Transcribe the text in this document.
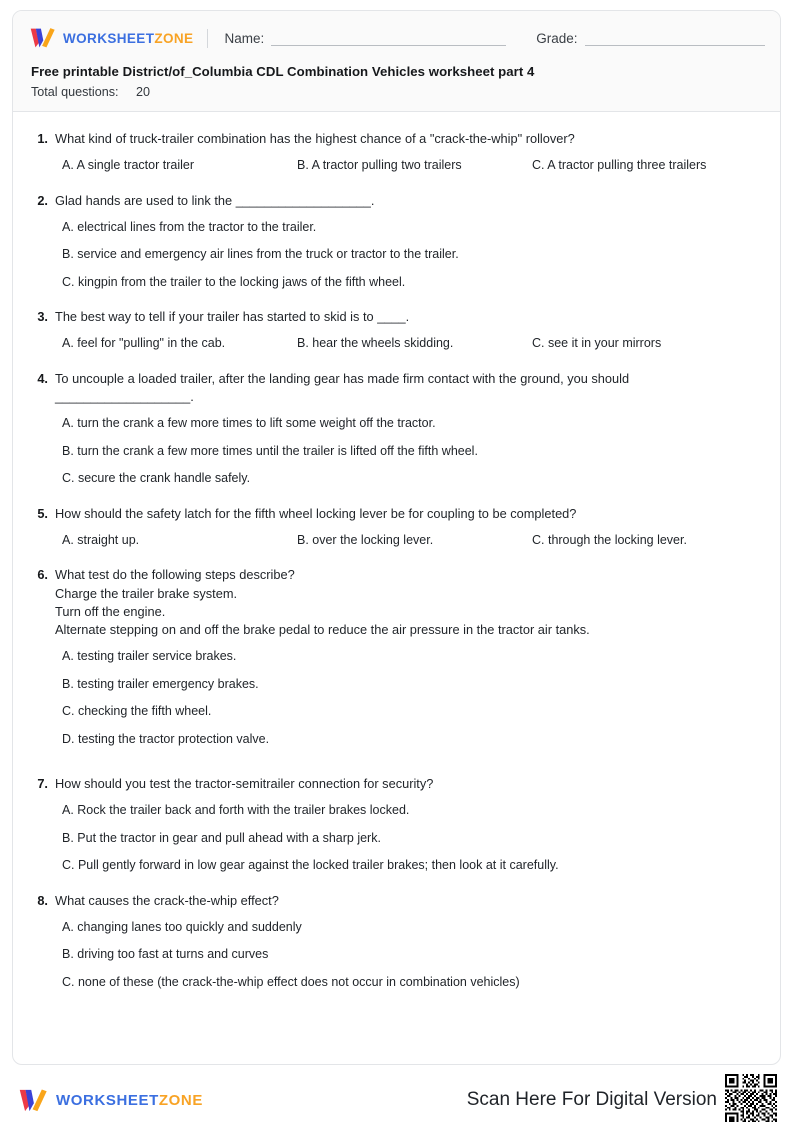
WORKSHEETZONE Name:	Grade:
Free printable District/of_Columbia CDL Combination Vehicles worksheet part 4
Total questions: 20
1. What kind of truck-trailer combination has the highest chance of a "crack-the-whip" rollover?
A. A single tractor trailer	B. A tractor pulling two trailers	C. A tractor pulling three trailers
2. Glad hands are used to link the ___________________.
A. electrical lines from the tractor to the trailer.
B. service and emergency air lines from the truck or tractor to the trailer.
C. kingpin from the trailer to the locking jaws of the fifth wheel.
3. The best way to tell if your trailer has started to skid is to ____.
A. feel for "pulling" in the cab.	B. hear the wheels skidding.	C. see it in your mirrors
4. To uncouple a loaded trailer, after the landing gear has made firm contact with the ground, you should ___________________.
A. turn the crank a few more times to lift some weight off the tractor.
B. turn the crank a few more times until the trailer is lifted off the fifth wheel.
C. secure the crank handle safely.
5. How should the safety latch for the fifth wheel locking lever be for coupling to be completed?
A. straight up.	B. over the locking lever.	C. through the locking lever.
6. What test do the following steps describe?
Charge the trailer brake system.
Turn off the engine.
Alternate stepping on and off the brake pedal to reduce the air pressure in the tractor air tanks.
A. testing trailer service brakes.
B. testing trailer emergency brakes.
C. checking the fifth wheel.
D. testing the tractor protection valve.
7. How should you test the tractor-semitrailer connection for security?
A. Rock the trailer back and forth with the trailer brakes locked.
B. Put the tractor in gear and pull ahead with a sharp jerk.
C. Pull gently forward in low gear against the locked trailer brakes; then look at it carefully.
8. What causes the crack-the-whip effect?
A. changing lanes too quickly and suddenly
B. driving too fast at turns and curves
C. none of these (the crack-the-whip effect does not occur in combination vehicles)
WORKSHEETZONE	Scan Here For Digital Version
